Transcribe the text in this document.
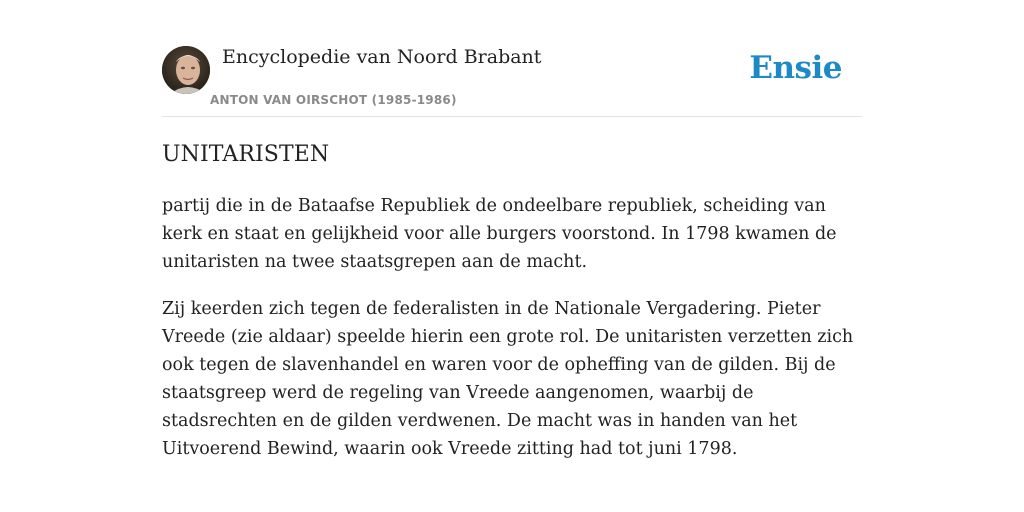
Encyclopedie van Noord Brabant
ANTON VAN OIRSCHOT (1985-1986)
Ensie
UNITARISTEN

partij die in de Bataafse Republiek de ondeelbare republiek, scheiding van kerk en staat en gelijkheid voor alle burgers voorstond. In 1798 kwamen de unitaristen na twee staatsgrepen aan de macht.

Zij keerden zich tegen de federalisten in de Nationale Vergadering. Pieter Vreede (zie aldaar) speelde hierin een grote rol. De unitaristen verzetten zich ook tegen de slavenhandel en waren voor de opheffing van de gilden. Bij de staatsgreep werd de regeling van Vreede aangenomen, waarbij de stadsrechten en de gilden verdwenen. De macht was in handen van het Uitvoerend Bewind, waarin ook Vreede zitting had tot juni 1798.
